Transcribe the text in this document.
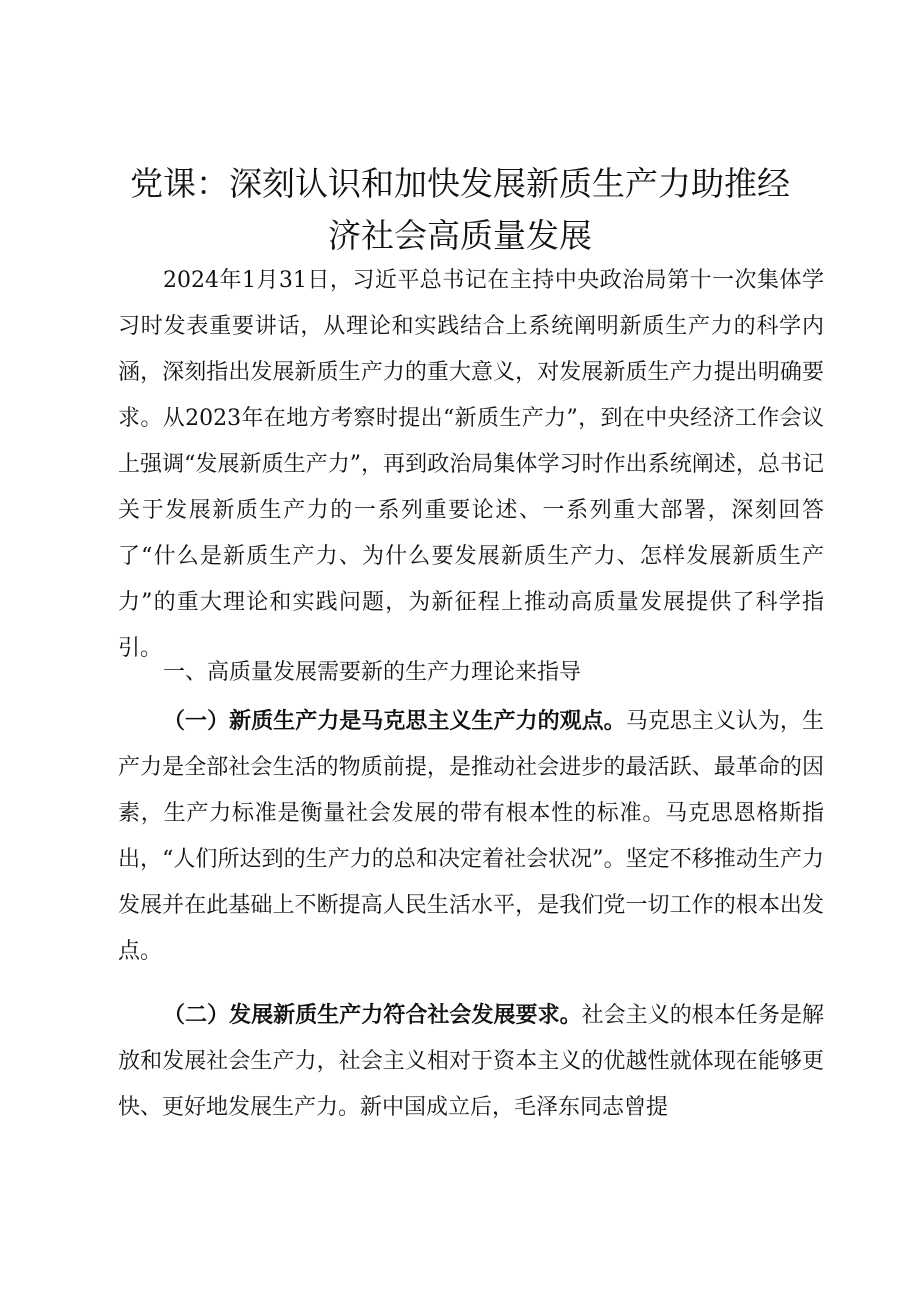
党课：深刻认识和加快发展新质生产力助推经
济社会高质量发展

2024年1月31日，习近平总书记在主持中央政治局第十一次集体学习时发表重要讲话，从理论和实践结合上系统阐明新质生产力的科学内涵，深刻指出发展新质生产力的重大意义，对发展新质生产力提出明确要求。从2023年在地方考察时提出“新质生产力”，到在中央经济工作会议上强调“发展新质生产力”，再到政治局集体学习时作出系统阐述，总书记关于发展新质生产力的一系列重要论述、一系列重大部署，深刻回答了“什么是新质生产力、为什么要发展新质生产力、怎样发展新质生产力”的重大理论和实践问题，为新征程上推动高质量发展提供了科学指引。

一、高质量发展需要新的生产力理论来指导

（一）新质生产力是马克思主义生产力的观点。马克思主义认为，生产力是全部社会生活的物质前提，是推动社会进步的最活跃、最革命的因素，生产力标准是衡量社会发展的带有根本性的标准。马克思恩格斯指出，“人们所达到的生产力的总和决定着社会状况”。坚定不移推动生产力发展并在此基础上不断提高人民生活水平，是我们党一切工作的根本出发点。

（二）发展新质生产力符合社会发展要求。社会主义的根本任务是解放和发展社会生产力，社会主义相对于资本主义的优越性就体现在能够更快、更好地发展生产力。新中国成立后，毛泽东同志曾提
